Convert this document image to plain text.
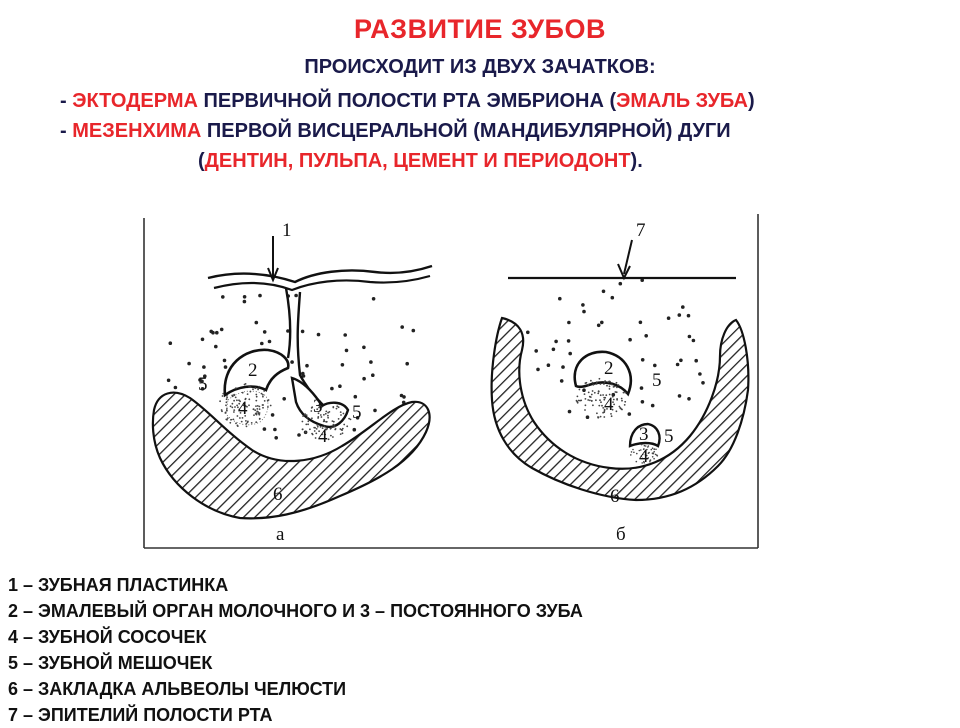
РАЗВИТИЕ ЗУБОВ
ПРОИСХОДИТ ИЗ ДВУХ ЗАЧАТКОВ:
- ЭКТОДЕРМА ПЕРВИЧНОЙ ПОЛОСТИ РТА ЭМБРИОНА (ЭМАЛЬ ЗУБА)
- МЕЗЕНХИМА ПЕРВОЙ ВИСЦЕРАЛЬНОЙ (МАНДИБУЛЯРНОЙ) ДУГИ
(ДЕНТИН, ПУЛЬПА, ЦЕМЕНТ И ПЕРИОДОНТ).
1
2
5
4	3 5
4
6
а
7
2
5
4
3 5
4
6
б
1 – ЗУБНАЯ ПЛАСТИНКА
2 – ЭМАЛЕВЫЙ ОРГАН МОЛОЧНОГО И 3 – ПОСТОЯННОГО ЗУБА
4 – ЗУБНОЙ СОСОЧЕК
5 – ЗУБНОЙ МЕШОЧЕК
6 – ЗАКЛАДКА АЛЬВЕОЛЫ ЧЕЛЮСТИ
7 – ЭПИТЕЛИЙ ПОЛОСТИ РТА
